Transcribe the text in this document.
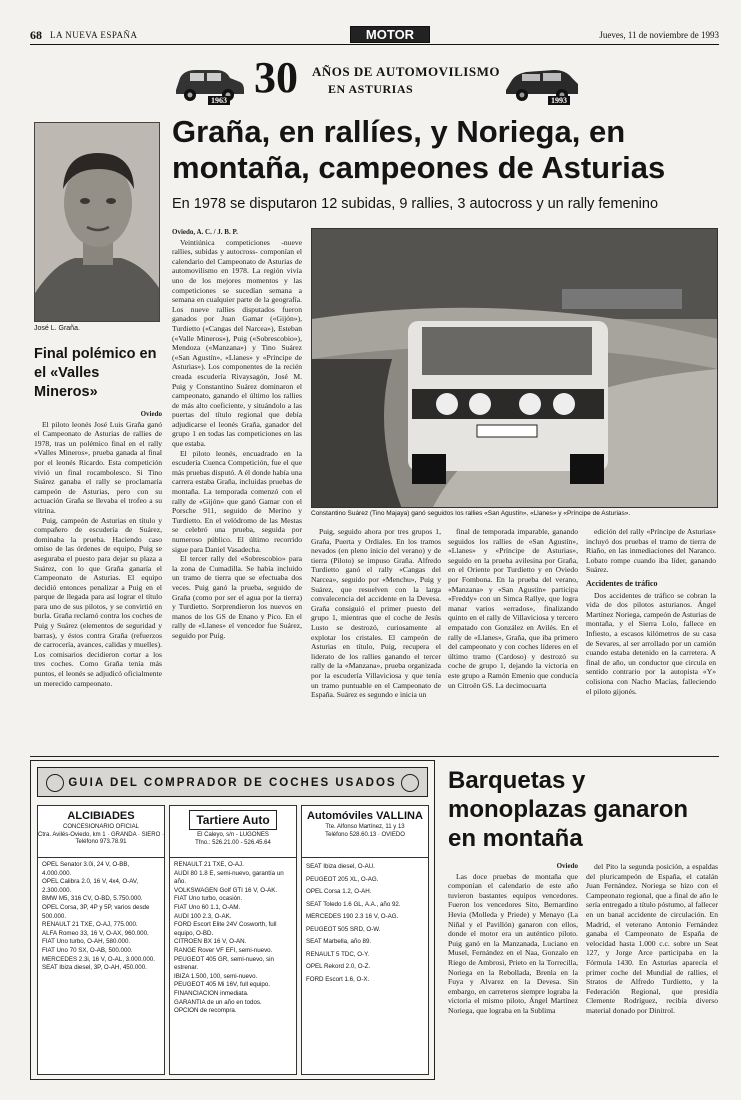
68 LA NUEVA ESPAÑA	MOTOR	Jueves, 11 de noviembre de 1993
30 AÑOS DE AUTOMOVILISMO
EN ASTURIAS
1963	1993
José L. Graña.
Graña, en rallíes, y Noriega, en montaña, campeones de Asturias
En 1978 se disputaron 12 subidas, 9 rallies, 3 autocross y un rally femenino
Final polémico en el «Valles Mineros»
Oviedo

El piloto leonés José Luis Graña ganó el Campeonato de Asturias de rallies de 1978, tras un polémico final en el rally «Valles Mineros», prueba ganada al final por el leonés Ricardo. Esta competición vivió un final rocambolesco. Si Tino Suárez ganaba el rally se proclamaría campeón de Asturias, pero con su actuación Graña se llevaba el trofeo a su vitrina.

Puig, campeón de Asturias en título y compañero de escudería de Suárez, dominaba la prueba. Haciendo caso omiso de las órdenes de equipo, Puig se aseguraba el puesto para dejar su plaza a Suárez, con lo que Graña ganaría el Campeonato de Asturias. El equipo decidió entonces penalizar a Puig en el parque de llegada para así lograr el título para uno de sus pilotos, y se convirtió en burla. Graña reclamó contra los coches de Puig y Suárez (elementos de seguridad y barras), y éstos contra Graña (refuerzos de carrocería, avances, calidas y muelles). Los comisarios decidieron cortar a los tres coches. Como Graña tenía más puntos, el leonés se adjudicó oficialmente un merecido campeonato.

Oviedo, A. C. / J. B. P.

Veintiúnica competiciones -nueve rallies, subidas y autocross- componían el calendario del Campeonato de Asturias de automovilismo en 1978. La región vivía uno de los mejores momentos y las competiciones se sucedían semana a semana en cualquier parte de la geografía. Los nueve rallies disputados fueron ganados por Juan Gamar («Gijón»), Turdietto («Cangas del Narcea»), Esteban («Valle Mineros»), Puig («Sobrescobio»), Mendoza («Manzana») y Tino Suárez («San Agustín», «Llanes» y «Príncipe de Asturias»). Los componentes de la recién creada escudería Rivaysagón, José M. Puig y Constantino Suárez dominaron el campeonato, ganando el último los rallies de más alto coeficiente, y situándolo a las puertas del título regional que debía adjudicarse el leonés Graña, ganador del grupo 1 en todas las competiciones en las que estaba.

El piloto leonés, encuadrado en la escudería Cuenca Competición, fue el que más pruebas disputó. A él donde había una carrera estaba Graña, incluidas pruebas de montaña. La temporada comenzó con el rally de «Gijón» que ganó Gamar con el Porsche 911, seguido de Merino y Turdietto. En el velódromo de las Mestas se celebró una prueba, seguida por numeroso público. El último recorrido sigue para Daniel Vasadecha.

El tercer rally del «Sobrescobio» para la zona de Cumadilla. Se había incluido un tramo de tierra que se efectuaba dos veces. Puig ganó la prueba, seguido de Graña (como por ser el agua por la tierra) y Turdietto. Sorprendieron los nuevos en manos de los GS de Enano y Pico. En el rally de «Llanes» el vencedor fue Suárez, seguido por Puig.

Constantino Suárez (Tino Majaya) ganó seguidos los rallies «San Agustín», «Llanes» y «Príncipe de Asturias».

Puig, seguido ahora por tres grupos 1, Graña, Puerta y Ordiales. En los tramos nevados (en pleno inicio del verano) y de tierra (Piloto) se impuso Graña. Alfredo Turdietto ganó el rally «Cangas del Narcea», seguido por «Menchu», Puig y Suárez, que resuelven con la larga convalecencia del accidente en la Devesa. Graña consiguió el primer puesto del grupo 1, mientras que el coche de Jesús Lusto se destrozó, curiosamente al explotar los cristales. El campeón de Asturias en título, Puig, recupera el liderato de los rallies ganando el tercer rally de la «Manzana», prueba organizada por la escudería Villaviciosa y que tenía un tramo puntuable en el Campeonato de España. Suárez es segundo e inicia un

final de temporada imparable, ganando seguidos los rallies de «San Agustín», «Llanes» y «Príncipe de Asturias», seguido en la prueba avilesina por Graña, en el Oriente por Turdietto y en Oviedo por Fombona. En la prueba del verano, «Manzana» y «San Agustín» participa «Freddy» con un Simca Rallye, que logra manar varios «errados», finalizando quinto en el rally de Villaviciosa y tercero empatado con González en Avilés. En el rally de «Llanes», Graña, que iba primero del campeonato y con coches líderes en el último tramo (Cardoso) y destrozó su coche de grupo 1, dejando la victoria en este grupo a Ramón Emenio que conducía un Citroën GS. La decimocuarta

edición del rally «Príncipe de Asturias» incluyó dos pruebas el tramo de tierra de Riaño, en las inmediaciones del Naranco. Lobato rompe cuando iba líder, ganando Suárez.

Accidentes de tráfico

Dos accidentes de tráfico se cobran la vida de dos pilotos asturianos. Ángel Martínez Noriega, campeón de Asturias de montaña, y el Sierra Lolo, fallece en Infiesto, a escasos kilómetros de su casa de Sevares, al ser arrollado por un camión cuando estaba detenido en la carretera. A final de año, un conductor que circula en sentido contrario por la autopista «Y» colisiona con Nacho Macías, falleciendo el piloto gijonés.

GUIA DEL COMPRADOR DE COCHES USADOS
ALCIBIADES
CONCESIONARIO OFICIAL
Ctra. Avilés-Oviedo, km 1 · GRANDA · SIERO · Teléfono 973.78.91
OPEL Senator 3.0i, 24 V, O-BB, 4.000.000.
OPEL Calibra 2.0, 16 V, 4x4, O-AV, 2.300.000.
BMW M5, 316 CV, O-BD, 5.750.000.
OPEL Corsa, 3P, 4P y 5P, varios desde 500.000.
RENAULT 21 TXE, O-AJ, 775.000.
ALFA Romeo 33, 16 V, O-AX, 960.000.
FIAT Uno turbo, O-AH, 580.000.
FIAT Uno 70 SX, O-AB, 500.000.
MERCEDES 2.3i, 16 V, O-AL, 3.000.000.
SEAT Ibiza diesel, 3P, O-AH, 450.000.
Tartiere Auto
El Caleyo, s/n - LUGONES
Tfno.: 526.21.00 - 526.45.64
RENAULT 21 TXE, O-AJ.
AUDI 80 1.8 E, semi-nuevo, garantía un año.
VOLKSWAGEN Golf GTI 16 V, O-AK.
FIAT Uno turbo, ocasión.
FIAT Uno 60 1.1, O-AM.
AUDI 100 2.3, O-AK.
FORD Escort Elite 24V Cosworth, full equipo, O-BD.
CITROEN BX 16 V, O-AN.
RANGE Rover VF EFI, semi-nuevo.
PEUGEOT 405 GR, semi-nuevo, sin estrenar.
IBIZA 1.500, 100, semi-nuevo.
PEUGEOT 405 Mi 16V, full equipo.
FINANCIACION inmediata.
GARANTIA de un año en todos.
OPCION de recompra.
Automóviles VALLINA
Tte. Alfonso Martínez, 11 y 13
Teléfono 528.60.13 · OVIEDO
SEAT Ibiza diesel, O-AU.
PEUGEOT 205 XL, O-AG.
OPEL Corsa 1.2, O-AH.
SEAT Toledo 1.6 GL, A.A., año 92.
MERCEDES 190 2.3 16 V, O-AG.
PEUGEOT 505 SRD, O-W.
SEAT Marbella, año 89.
RENAULT 5 TDC, O-Y.
OPEL Rekord 2.0, O-Z.
FORD Escort 1.6, O-X.
Barquetas y monoplazas ganaron en montaña
Oviedo

Las doce pruebas de montaña que componían el calendario de este año tuvieron bastantes equipos vencedores. Fueron los vencedores Sito, Bernardino Hevia (Molleda y Priede) y Menayo (La Niñal y el Pavillón) ganaron con ellos, donde el motor era un auténtico piloto. Puig ganó en la Manzanada, Luciano en Musel, Fernández en el Naa, Gonzalo en Riego de Ambrosi, Prieto en la Torrecilla, Noriega en la Rebollada, Brenla en la Fuya y Alvarez en la Devesa. Sin embargo, en carreteros siempre lograba la victoria el mismo piloto, Ángel Martínez Noriega, que lograba en la Sublima

del Pito la segunda posición, a espaldas del pluricampeón de España, el catalán Juan Fernández. Noriega se hizo con el Campeonato regional, que a final de año le sería entregado a título póstumo, al fallecer en un banal accidente de circulación. En Madrid, el veterano Antonio Fernández ganaba el Campeonato de España de velocidad hasta 1.000 c.c. sobre un Seat 127, y Jorge Arce participaba en la Fórmula 1430. En Asturias aparecía el primer coche del Mundial de rallies, el Stratos de Alfredo Turdietto, y la Federación Regional, que presidía Clemente Rodríguez, recibía diverso material donado por Dinitrol.
